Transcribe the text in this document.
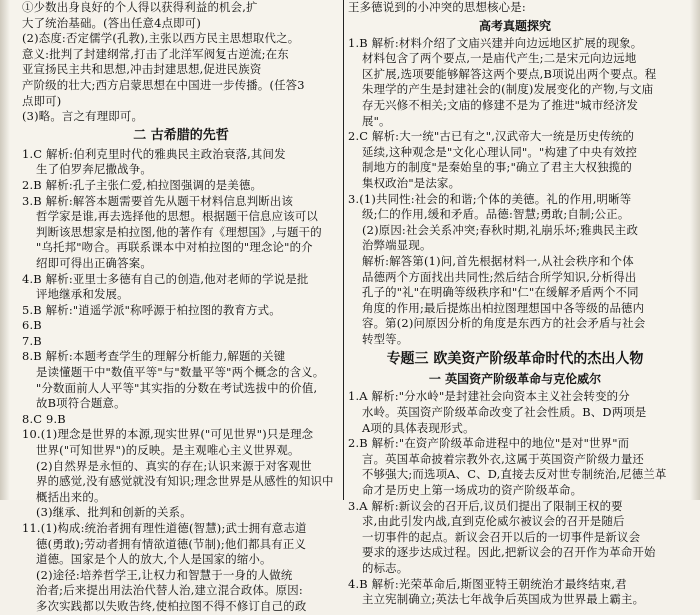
①少数出身良好的个人得以获得利益的机会,扩

大了统治基础。(答出任意4点即可)

(2)态度:否定儒学(孔教),主张以西方民主思想取代之。

意义:批判了封建纲常,打击了北洋军阀复古逆流;在东

亚宣扬民主共和思想,冲击封建思想,促进民族资

产阶级的壮大;西方启蒙思想在中国进一步传播。(任答3

点即可)

(3)略。言之有理即可。

二 古希腊的先哲

1.C 解析:伯利克里时代的雅典民主政治衰落,其间发

生了伯罗奔尼撒战争。

2.B 解析:孔子主张仁爱,柏拉图强调的是美德。

3.B 解析:解答本题需要首先从题干材料信息判断出该

哲学家是谁,再去选择他的思想。根据题干信息应该可以

判断该思想家是柏拉图,他的著作有《理想国》,与题干的

"乌托邦"吻合。再联系课本中对柏拉图的"理念论"的介

绍即可得出正确答案。

4.B 解析:亚里士多德有自己的创造,他对老师的学说是批

评地继承和发展。

5.B 解析:"逍遥学派"称呼源于柏拉图的教育方式。

6.B

7.B

8.B 解析:本题考查学生的理解分析能力,解题的关键

是读懂题干中"数值平等"与"数量平等"两个概念的含义。

"分数面前人人平等"其实指的分数在考试选拔中的价值,

故B项符合题意。

8.C 9.B

10.(1)理念是世界的本源,现实世界("可见世界")只是理念

世界("可知世界")的反映。是主观唯心主义世界观。

(2)自然界是永恒的、真实的存在;认识来源于对客观世

界的感觉,没有感觉就没有知识;理念世界是从感性的知识中

概括出来的。

(3)继承、批判和创新的关系。

11.(1)构成:统治者拥有理性道德(智慧);武士拥有意志道

德(勇敢);劳动者拥有情欲道德(节制);他们都具有正义

道德。国家是个人的放大,个人是国家的缩小。

(2)途径:培养哲学王,让权力和智慧于一身的人做统

治者;后来提出用法治代替人治,建立混合政体。原因:

多次实践都以失败告终,使柏拉图不得不修订自己的政

王多德说到的小冲突的思想核心是:

高考真题探究

1.B 解析:材料介绍了文庙兴建并向边远地区扩展的现象。

材料包含了两个要点,一是庙代产生;二是宋元向边远地

区扩展,选项要能够解答这两个要点,B项说出两个要点。程

朱理学的产生是封建社会的(制度)发展变化的产物,与文庙

存无兴修不相关;文庙的修建不是为了推进"城市经济发

展"。

2.C 解析:大一统"古已有之",汉武帝大一统是历史传统的

延续,这种观念是"文化心理认同"。"构建了中央有效控

制地方的制度"是秦始皇的事;"确立了君主大权独揽的

集权政治"是法家。

3.(1)共同性:社会的和谐;个体的美德。礼的作用,明晰等

级;仁的作用,缓和矛盾。品德:智慧;勇敢;自制;公正。

(2)原因:社会关系冲突;春秋时期,礼崩乐坏;雅典民主政

治弊端显现。

解析:解答第(1)问,首先根据材料一,从社会秩序和个体

品德两个方面找出共同性;然后结合所学知识,分析得出

孔子的"礼"在明确等级秩序和"仁"在缓解矛盾两个不同

角度的作用;最后提炼出柏拉图理想国中各等级的品德内

容。第(2)问原因分析的角度是东西方的社会矛盾与社会

转型等。

专题三 欧美资产阶级革命时代的杰出人物
一 英国资产阶级革命与克伦威尔

1.A 解析:"分水岭"是封建社会向资本主义社会转变的分

水岭。英国资产阶级革命改变了社会性质。B、D两项是

A项的具体表现形式。

2.B 解析:"在资产阶级革命进程中的地位"是对"世界"而

言。英国革命披着宗教外衣,这属于英国资产阶级力量还

不够强大;而选项A、C、D,直接去反对世专制统治,尼德兰革

命才是历史上第一场成功的资产阶级革命。

3.A 解析:新议会的召开后,议员们提出了限制王权的要

求,由此引发内战,直到克伦威尔被议会的召开是随后

一切事件的起点。新议会召开以后的一切事件是新议会

要求的逐步达成过程。因此,把新议会的召开作为革命开始

的标志。

4.B 解析:光荣革命后,斯图亚特王朝统治才最终结束,君

主立宪制确立;英法七年战争后英国成为世界最上霸主。
